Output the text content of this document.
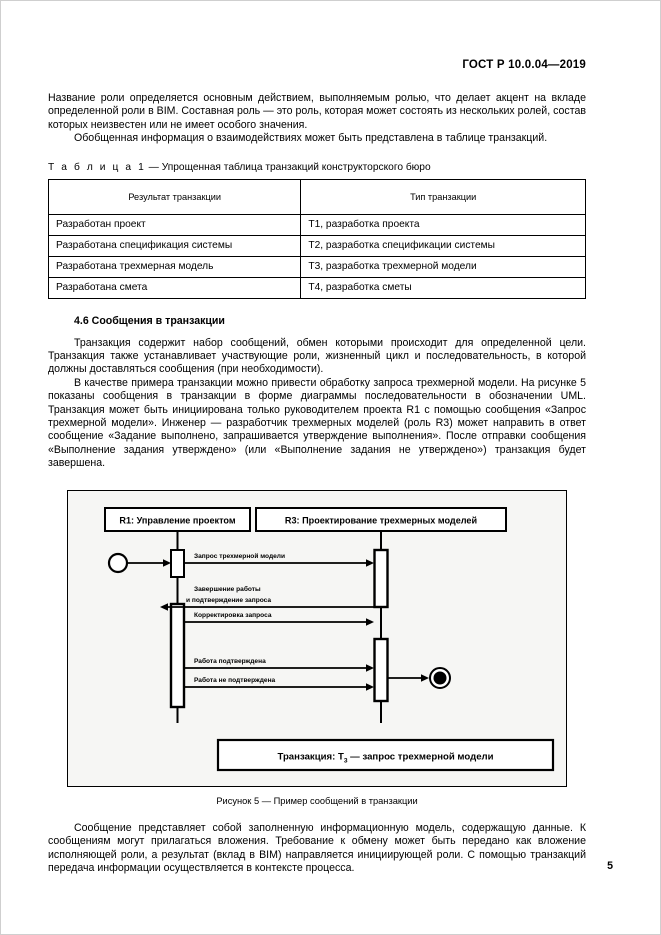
ГОСТ Р 10.0.04—2019

Название роли определяется основным действием, выполняемым ролью, что делает акцент на вкладе определенной роли в BIM. Составная роль — это роль, которая может состоять из нескольких ролей, состав которых неизвестен или не имеет особого значения.

Обобщенная информация о взаимодействиях может быть представлена в таблице транзакций.

Т а б л и ц а 1 — Упрощенная таблица транзакций конструкторского бюро
Результат транзакции	Тип транзакции
Разработан проект	Т1, разработка проекта
Разработана спецификация системы	Т2, разработка спецификации системы
Разработана трехмерная модель	Т3, разработка трехмерной модели
Разработана смета	Т4, разработка сметы
4.6 Сообщения в транзакции

Транзакция содержит набор сообщений, обмен которыми происходит для определенной цели. Транзакция также устанавливает участвующие роли, жизненный цикл и последовательность, в которой должны доставляться сообщения (при необходимости).

В качестве примера транзакции можно привести обработку запроса трехмерной модели. На рисунке 5 показаны сообщения в транзакции в форме диаграммы последовательности в обозначении UML. Транзакция может быть инициирована только руководителем проекта R1 с помощью сообщения «Запрос трехмерной модели». Инженер — разработчик трехмерных моделей (роль R3) может направить в ответ сообщение «Задание выполнено, запрашивается утверждение выполнения». После отправки сообщения «Выполнение задания утверждено» (или «Выполнение задания не утверждено») транзакция будет завершена.

R1: Управление проектом	R3: Проектирование трехмерных моделей
Запрос трехмерной модели
Завершение работы
и подтверждение запроса
Корректировка запроса
Работа подтверждена
Работа не подтверждена
Транзакция: $T_3$ — запрос трехмерной модели
Рисунок 5 — Пример сообщений в транзакции

Сообщение представляет собой заполненную информационную модель, содержащую данные. К сообщениям могут прилагаться вложения. Требование к обмену может быть передано как вложение исполняющей роли, а результат (вклад в BIM) направляется инициирующей роли. С помощью транзакций передача информации осуществляется в контексте процесса.	5
